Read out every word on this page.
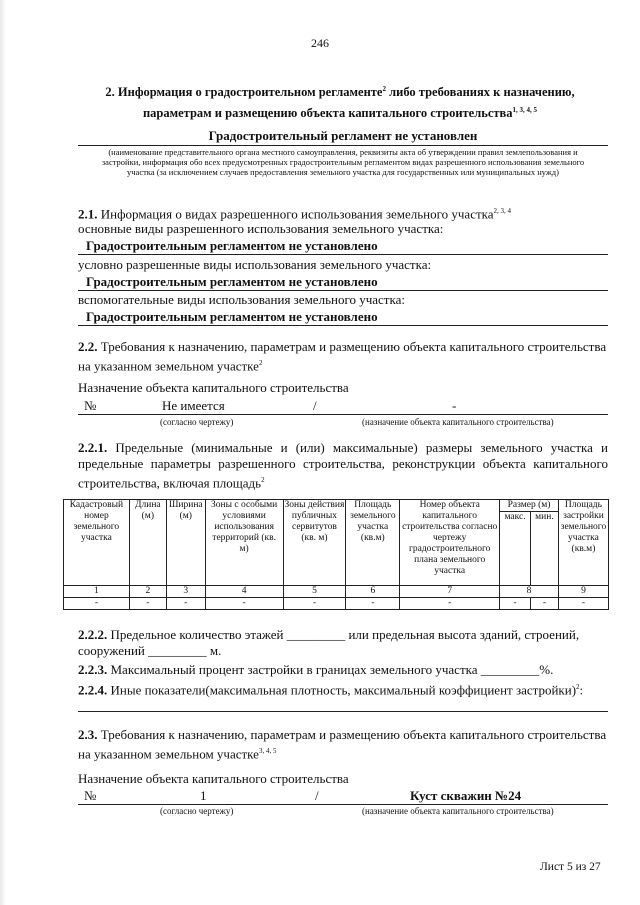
246
2. Информация о градостроительном регламенте$^2$ либо требованиях к назначению,
параметрам и размещению объекта капитального строительства$^{1, 3, 4, 5}$
Градостроительный регламент не установлен
(наименование представительного органа местного самоуправления, реквизиты акта об утверждении правил землепользования и застройки, информация обо всех предусмотренных градостроительным регламентом видах разрешенного использования земельного участка (за исключением случаев предоставления земельного участка для государственных или муниципальных нужд)
2.1. Информация о видах разрешенного использования земельного участка$^{2, 3, 4}$
основные виды разрешенного использования земельного участка:
Градостроительным регламентом не установлено
условно разрешенные виды использования земельного участка:
Градостроительным регламентом не установлено
вспомогательные виды использования земельного участка:
Градостроительным регламентом не установлено
2.2. Требования к назначению, параметрам и размещению объекта капитального строительства на указанном земельном участке$^2$
Назначение объекта капитального строительства
№	Не имеется	/	-
(согласно чертежу)	(назначение объекта капитального строительства)
2.2.1. Предельные (минимальные и (или) максимальные) размеры земельного участка и предельные параметры разрешенного строительства, реконструкции объекта капитального строительства, включая площадь$^2$
Кадастровый номер земельного участка	Длина (м)	Ширина (м)	Зоны с особыми условиями использования территорий (кв. м)	Зоны действия публичных сервитутов (кв. м)	Площадь земельного участка (кв.м)	Номер объекта капитального строительства согласно чертежу градостроительного плана земельного участка	Размер (м)		Площадь застройки земельного участка (кв.м)
							макс.	мин.	
1	2	3	4	5	6	7	8		9
-	-	-	-	-	-	-	-	-	-
2.2.2. Предельное количество этажей _________ или предельная высота зданий, строений, сооружений _________ м.
2.2.3. Максимальный процент застройки в границах земельного участка _________%.
2.2.4. Иные показатели(максимальная плотность, максимальный коэффициент застройки)$^2$:
2.3. Требования к назначению, параметрам и размещению объекта капитального строительства на указанном земельном участке$^{3, 4, 5}$
Назначение объекта капитального строительства
№	1	/	Куст скважин №24
(согласно чертежу)	(назначение объекта капитального строительства)
Лист 5 из 27
